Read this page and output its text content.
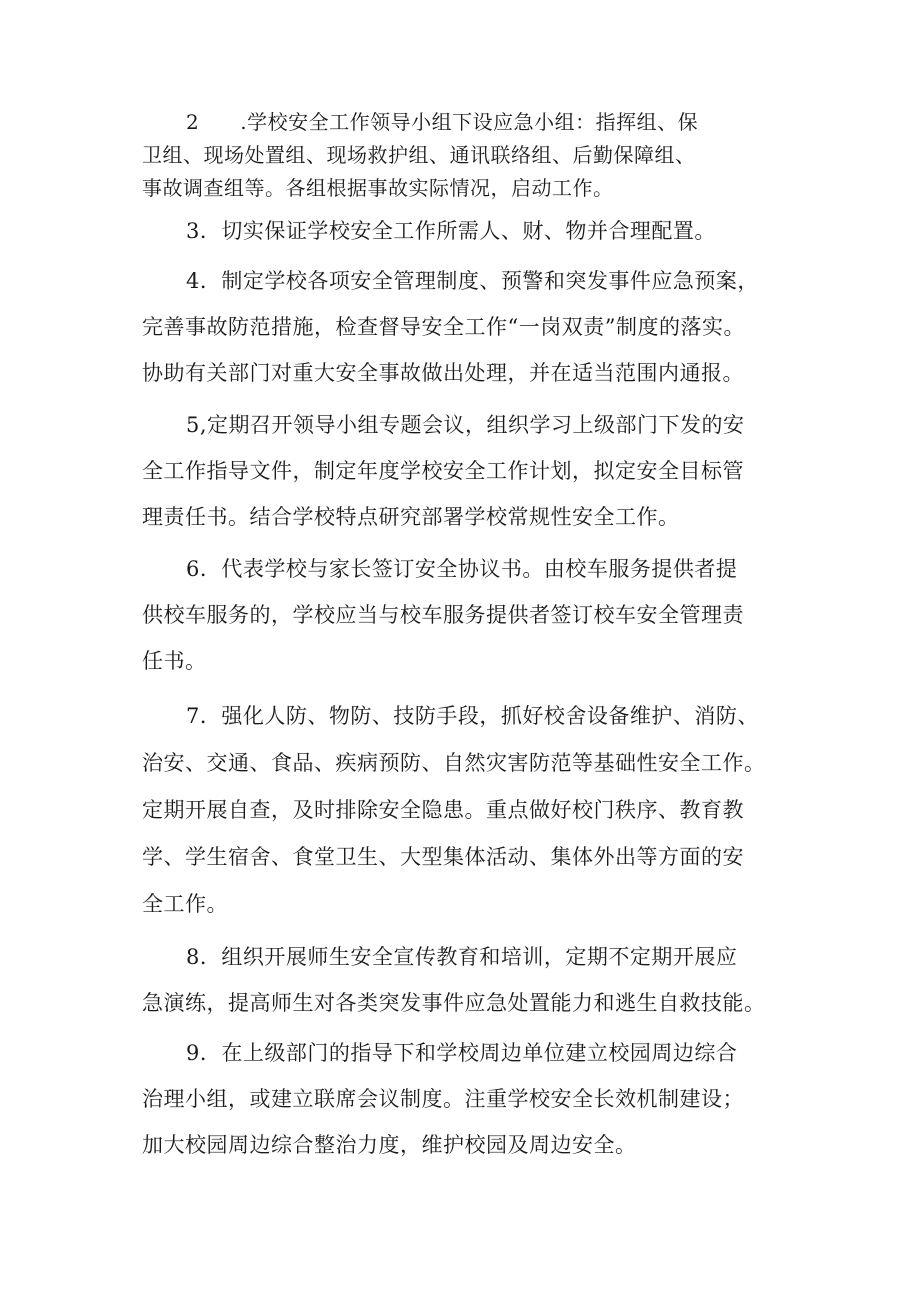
2　　.学校安全工作领导小组下设应急小组：指挥组、保
卫组、现场处置组、现场救护组、通讯联络组、后勤保障组、
事故调查组等。各组根据事故实际情况，启动工作。

3．切实保证学校安全工作所需人、财、物并合理配置。

4．制定学校各项安全管理制度、预警和突发事件应急预案，
完善事故防范措施，检查督导安全工作“一岗双责”制度的落实。
协助有关部门对重大安全事故做出处理，并在适当范围内通报。

5,定期召开领导小组专题会议，组织学习上级部门下发的安
全工作指导文件，制定年度学校安全工作计划，拟定安全目标管
理责任书。结合学校特点研究部署学校常规性安全工作。

6．代表学校与家长签订安全协议书。由校车服务提供者提
供校车服务的，学校应当与校车服务提供者签订校车安全管理责
任书。

7．强化人防、物防、技防手段，抓好校舍设备维护、消防、
治安、交通、食品、疾病预防、自然灾害防范等基础性安全工作。
定期开展自查，及时排除安全隐患。重点做好校门秩序、教育教
学、学生宿舍、食堂卫生、大型集体活动、集体外出等方面的安
全工作。

8．组织开展师生安全宣传教育和培训，定期不定期开展应
急演练，提高师生对各类突发事件应急处置能力和逃生自救技能。

9．在上级部门的指导下和学校周边单位建立校园周边综合
治理小组，或建立联席会议制度。注重学校安全长效机制建设；
加大校园周边综合整治力度，维护校园及周边安全。
